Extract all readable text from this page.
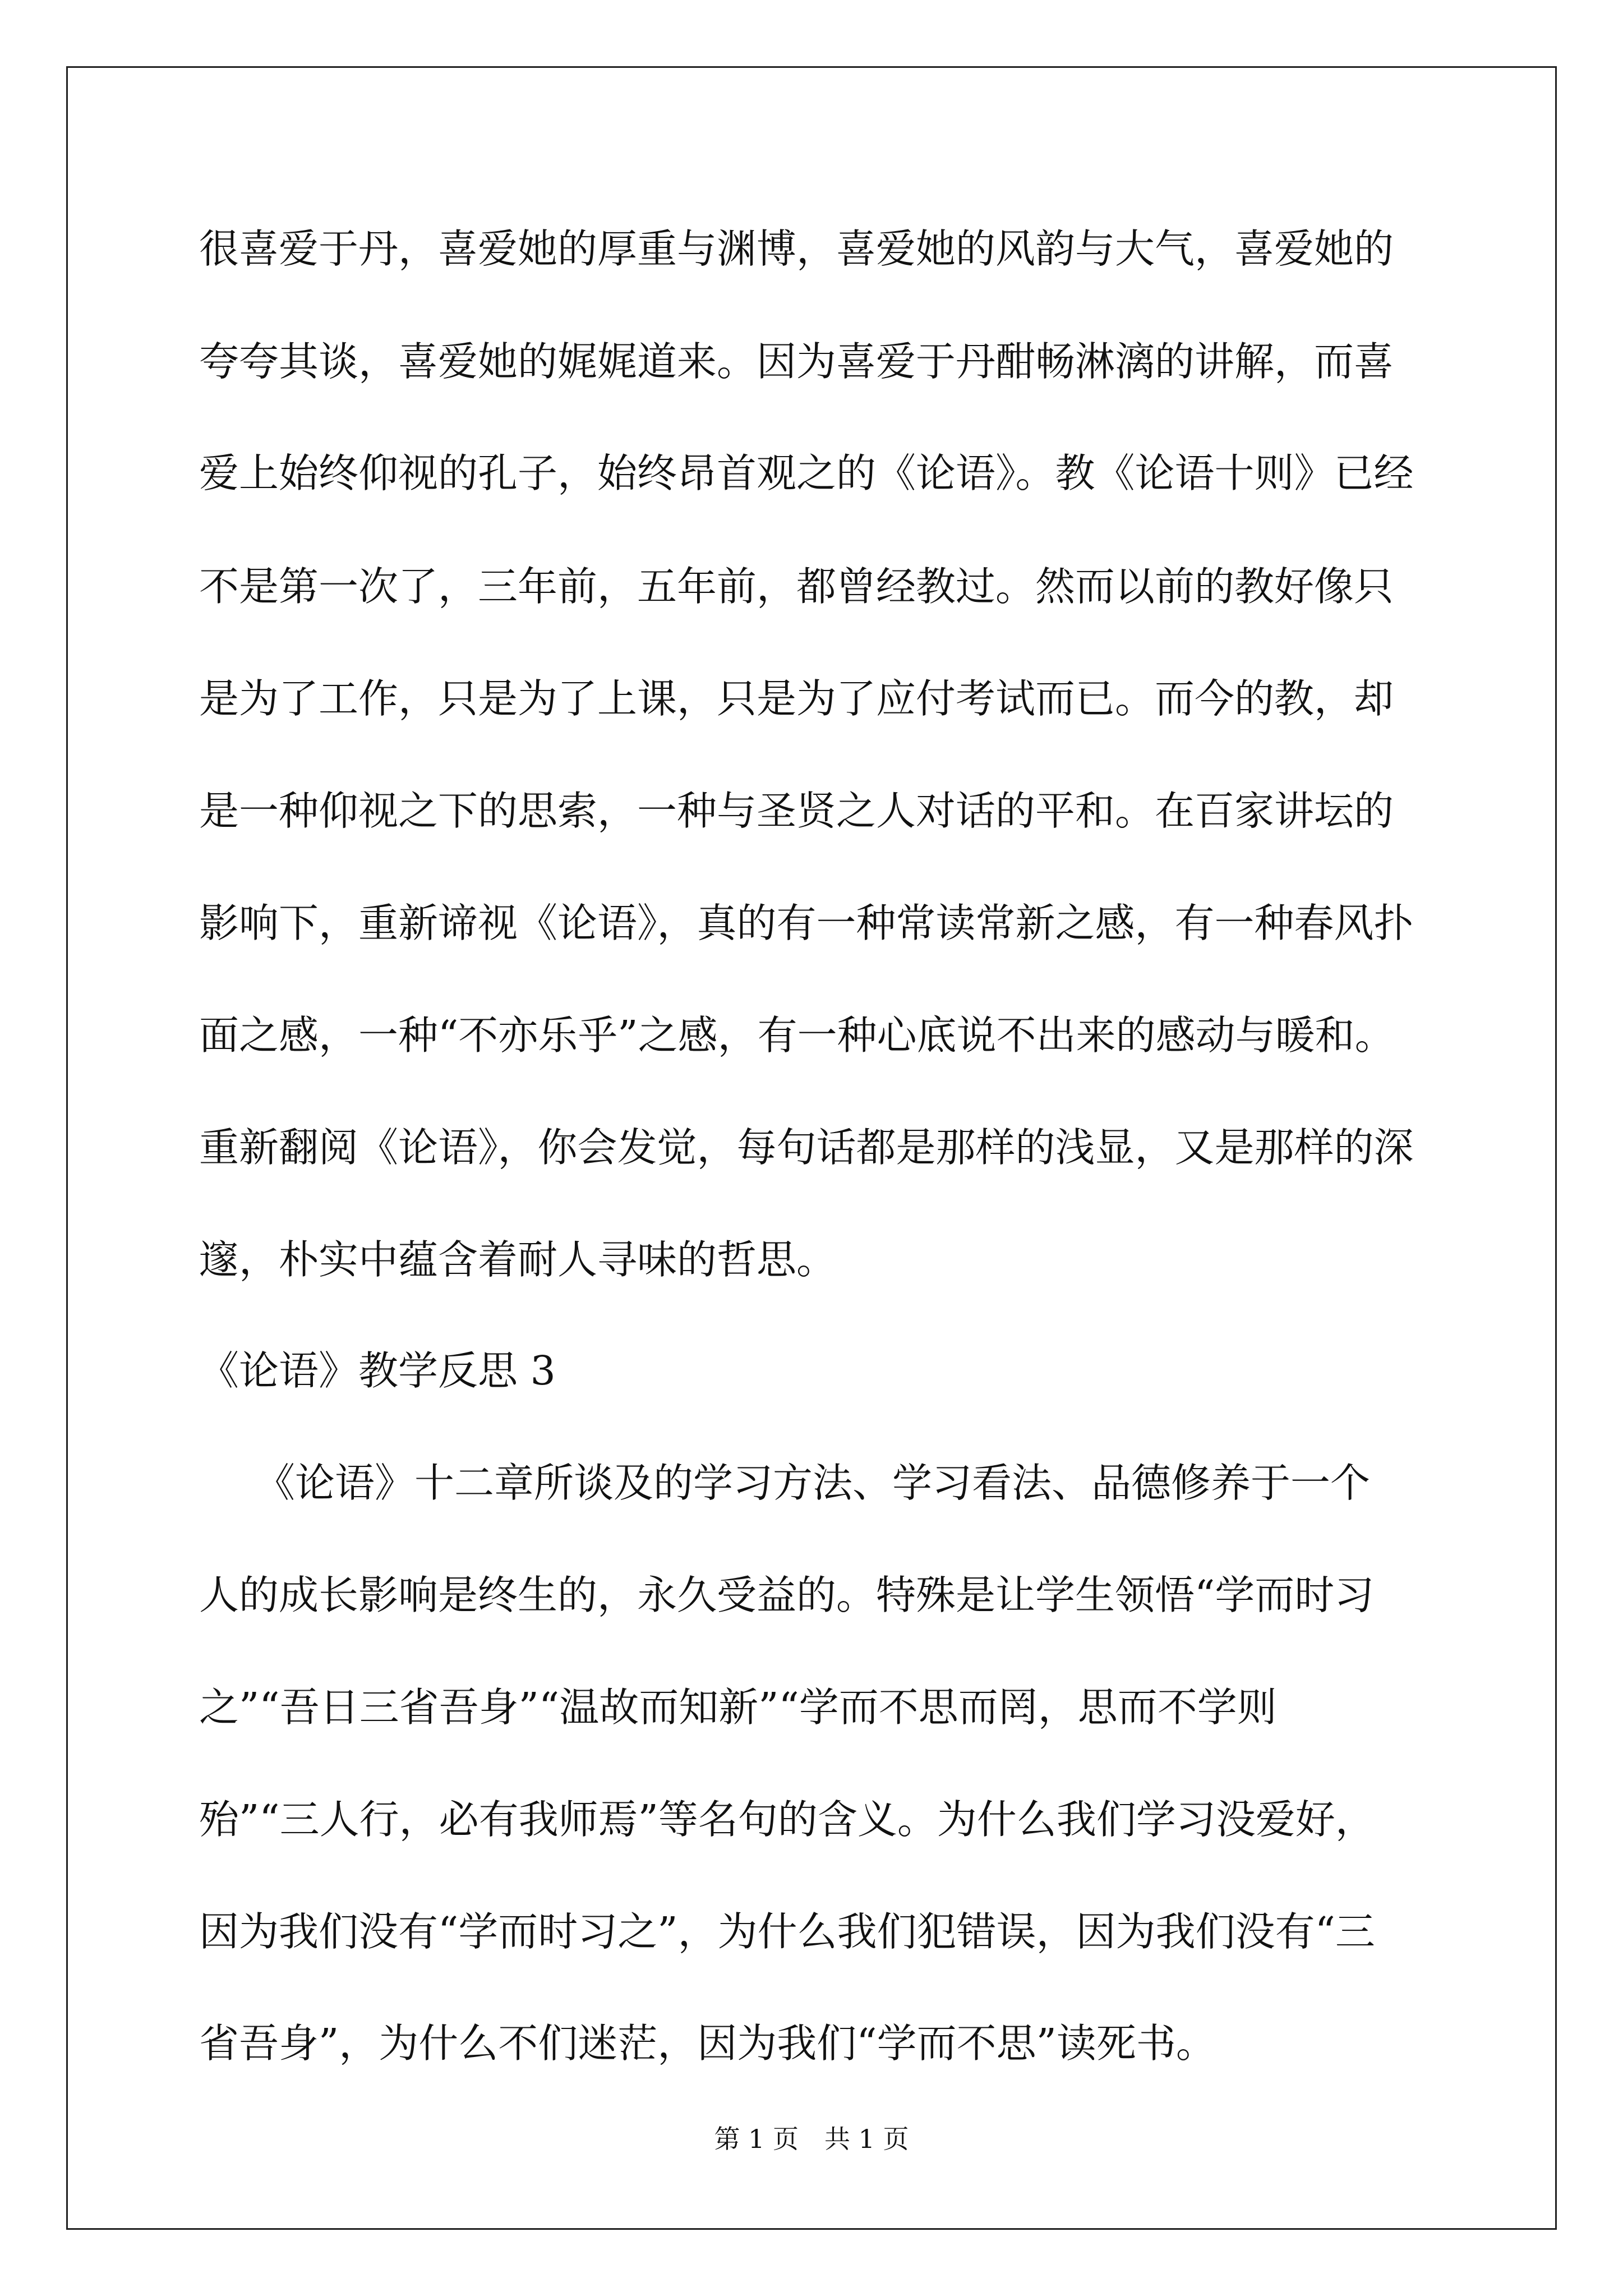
很喜爱于丹，喜爱她的厚重与渊博，喜爱她的风韵与大气，喜爱她的
夸夸其谈，喜爱她的娓娓道来。因为喜爱于丹酣畅淋漓的讲解，而喜
爱上始终仰视的孔子，始终昂首观之的《论语》。教《论语十则》已经
不是第一次了，三年前，五年前，都曾经教过。然而以前的教好像只
是为了工作，只是为了上课，只是为了应付考试而已。而今的教，却
是一种仰视之下的思索，一种与圣贤之人对话的平和。在百家讲坛的
影响下，重新谛视《论语》，真的有一种常读常新之感，有一种春风扑
面之感，一种“不亦乐乎”之感，有一种心底说不出来的感动与暖和。
重新翻阅《论语》，你会发觉，每句话都是那样的浅显，又是那样的深
邃，朴实中蕴含着耐人寻味的哲思。
《论语》教学反思 3
《论语》十二章所谈及的学习方法、学习看法、品德修养于一个
人的成长影响是终生的，永久受益的。特殊是让学生领悟“学而时习
之”“吾日三省吾身”“温故而知新”“学而不思而罔，思而不学则
殆”“三人行，必有我师焉”等名句的含义。为什么我们学习没爱好，
因为我们没有“学而时习之”，为什么我们犯错误，因为我们没有“三
省吾身”，为什么不们迷茫，因为我们“学而不思”读死书。
第 1 页　共 1 页
